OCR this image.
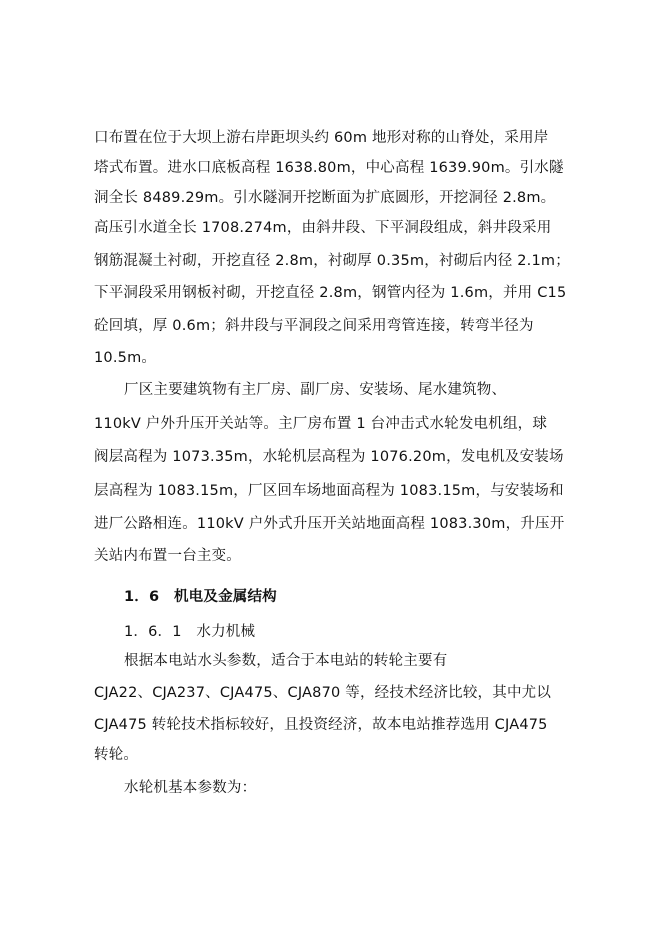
口布置在位于大坝上游右岸距坝头约 60m 地形对称的山脊处，采用岸
塔式布置。进水口底板高程 1638.80m，中心高程 1639.90m。引水隧
洞全长 8489.29m。引水隧洞开挖断面为扩底圆形，开挖洞径 2.8m。
高压引水道全长 1708.274m，由斜井段、下平洞段组成，斜井段采用
钢筋混凝土衬砌，开挖直径 2.8m，衬砌厚 0.35m，衬砌后内径 2.1m；
下平洞段采用钢板衬砌，开挖直径 2.8m，钢管内径为 1.6m，并用 C15
砼回填，厚 0.6m；斜井段与平洞段之间采用弯管连接，转弯半径为
10.5m。
厂区主要建筑物有主厂房、副厂房、安装场、尾水建筑物、
110kV 户外升压开关站等。主厂房布置 1 台冲击式水轮发电机组，球
阀层高程为 1073.35m，水轮机层高程为 1076.20m，发电机及安装场
层高程为 1083.15m，厂区回车场地面高程为 1083.15m，与安装场和
进厂公路相连。110kV 户外式升压开关站地面高程 1083.30m，升压开
关站内布置一台主变。
1．6　机电及金属结构
1．6．1　水力机械
根据本电站水头参数，适合于本电站的转轮主要有
CJA22、CJA237、CJA475、CJA870 等，经技术经济比较，其中尤以
CJA475 转轮技术指标较好，且投资经济，故本电站推荐选用 CJA475
转轮。
水轮机基本参数为：
